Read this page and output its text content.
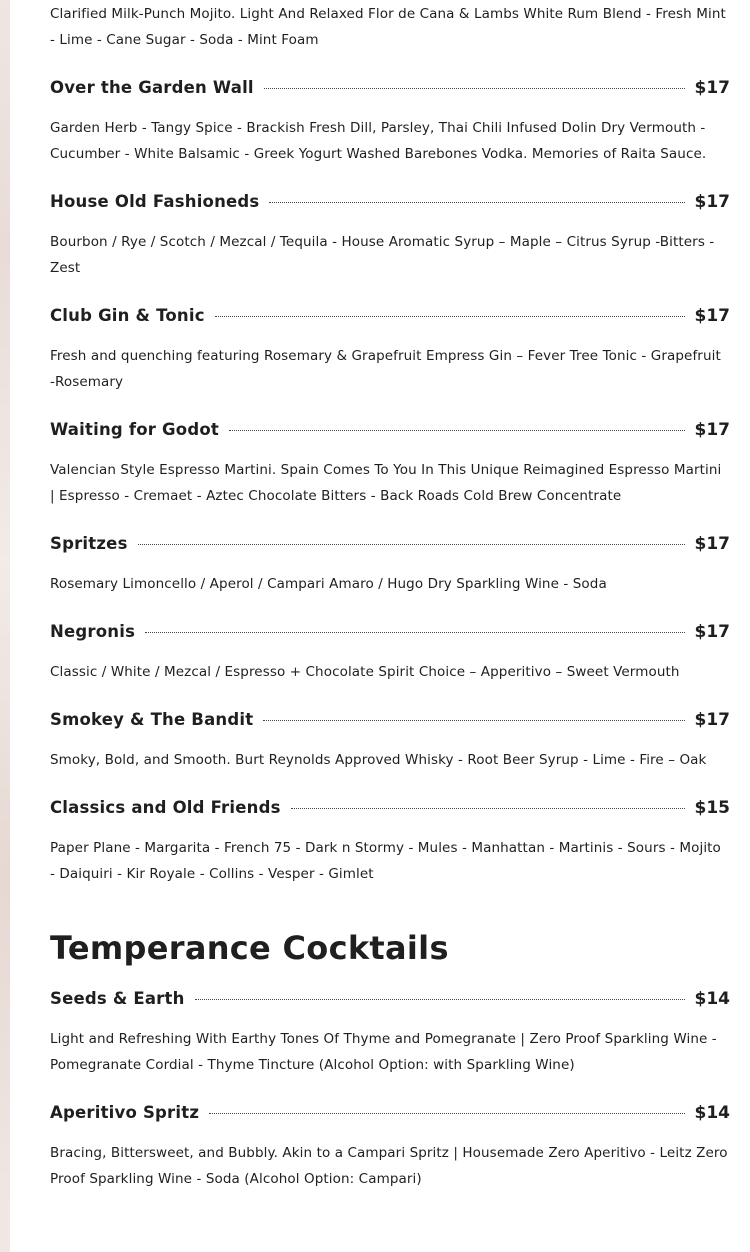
Clarified Milk-Punch Mojito. Light And Relaxed Flor de Cana & Lambs White Rum Blend - Fresh Mint - Lime - Cane Sugar - Soda - Mint Foam

Over the Garden Wall	$17

Garden Herb - Tangy Spice - Brackish Fresh Dill, Parsley, Thai Chili Infused Dolin Dry Vermouth - Cucumber - White Balsamic - Greek Yogurt Washed Barebones Vodka. Memories of Raita Sauce.

House Old Fashioneds	$17

Bourbon / Rye / Scotch / Mezcal / Tequila - House Aromatic Syrup – Maple – Citrus Syrup -Bitters - Zest

Club Gin & Tonic	$17

Fresh and quenching featuring Rosemary & Grapefruit Empress Gin – Fever Tree Tonic - Grapefruit -Rosemary

Waiting for Godot	$17

Valencian Style Espresso Martini. Spain Comes To You In This Unique Reimagined Espresso Martini | Espresso - Cremaet - Aztec Chocolate Bitters - Back Roads Cold Brew Concentrate

Spritzes	$17

Rosemary Limoncello / Aperol / Campari Amaro / Hugo Dry Sparkling Wine - Soda

Negronis	$17

Classic / White / Mezcal / Espresso + Chocolate Spirit Choice – Apperitivo – Sweet Vermouth

Smokey & The Bandit	$17

Smoky, Bold, and Smooth. Burt Reynolds Approved Whisky - Root Beer Syrup - Lime - Fire – Oak

Classics and Old Friends	$15

Paper Plane - Margarita - French 75 - Dark n Stormy - Mules - Manhattan - Martinis - Sours - Mojito - Daiquiri - Kir Royale - Collins - Vesper - Gimlet

Temperance Cocktails
Seeds & Earth	$14

Light and Refreshing With Earthy Tones Of Thyme and Pomegranate | Zero Proof Sparkling Wine - Pomegranate Cordial - Thyme Tincture (Alcohol Option: with Sparkling Wine)

Aperitivo Spritz	$14

Bracing, Bittersweet, and Bubbly. Akin to a Campari Spritz | Housemade Zero Aperitivo - Leitz Zero Proof Sparkling Wine - Soda (Alcohol Option: Campari)
